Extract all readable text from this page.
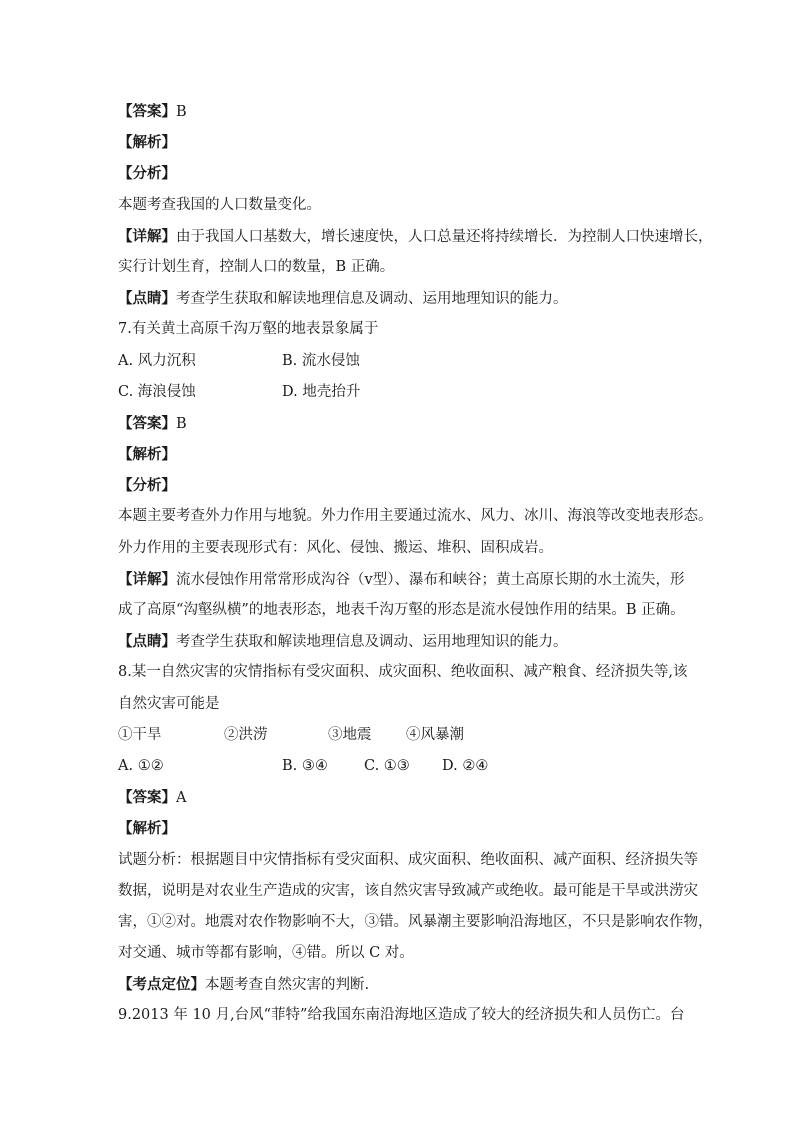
【答案】B
【解析】
【分析】
本题考查我国的人口数量变化。
【详解】由于我国人口基数大，增长速度快，人口总量还将持续增长．为控制人口快速增长，
实行计划生育，控制人口的数量，B 正确。
【点睛】考查学生获取和解读地理信息及调动、运用地理知识的能力。
7.有关黄土高原千沟万壑的地表景象属于
A. 风力沉积	B. 流水侵蚀
C. 海浪侵蚀	D. 地壳抬升
【答案】B
【解析】
【分析】
本题主要考查外力作用与地貌。外力作用主要通过流水、风力、冰川、海浪等改变地表形态。
外力作用的主要表现形式有：风化、侵蚀、搬运、堆积、固积成岩。
【详解】流水侵蚀作用常常形成沟谷（v型）、瀑布和峡谷；黄土高原长期的水土流失，形
成了高原“沟壑纵横”的地表形态，地表千沟万壑的形态是流水侵蚀作用的结果。B 正确。
【点睛】考查学生获取和解读地理信息及调动、运用地理知识的能力。
8.某一自然灾害的灾情指标有受灾面积、成灾面积、绝收面积、减产粮食、经济损失等,该
自然灾害可能是
①干旱	②洪涝	③地震 ④风暴潮
A. ①②	B. ③④ C. ①③ D. ②④
【答案】A
【解析】
试题分析：根据题目中灾情指标有受灾面积、成灾面积、绝收面积、减产面积、经济损失等
数据，说明是对农业生产造成的灾害，该自然灾害导致减产或绝收。最可能是干旱或洪涝灾
害，①②对。地震对农作物影响不大，③错。风暴潮主要影响沿海地区，不只是影响农作物，
对交通、城市等都有影响，④错。所以 C 对。
【考点定位】本题考查自然灾害的判断.
9.2013 年 10 月,台风“菲特”给我国东南沿海地区造成了较大的经济损失和人员伤亡。台
